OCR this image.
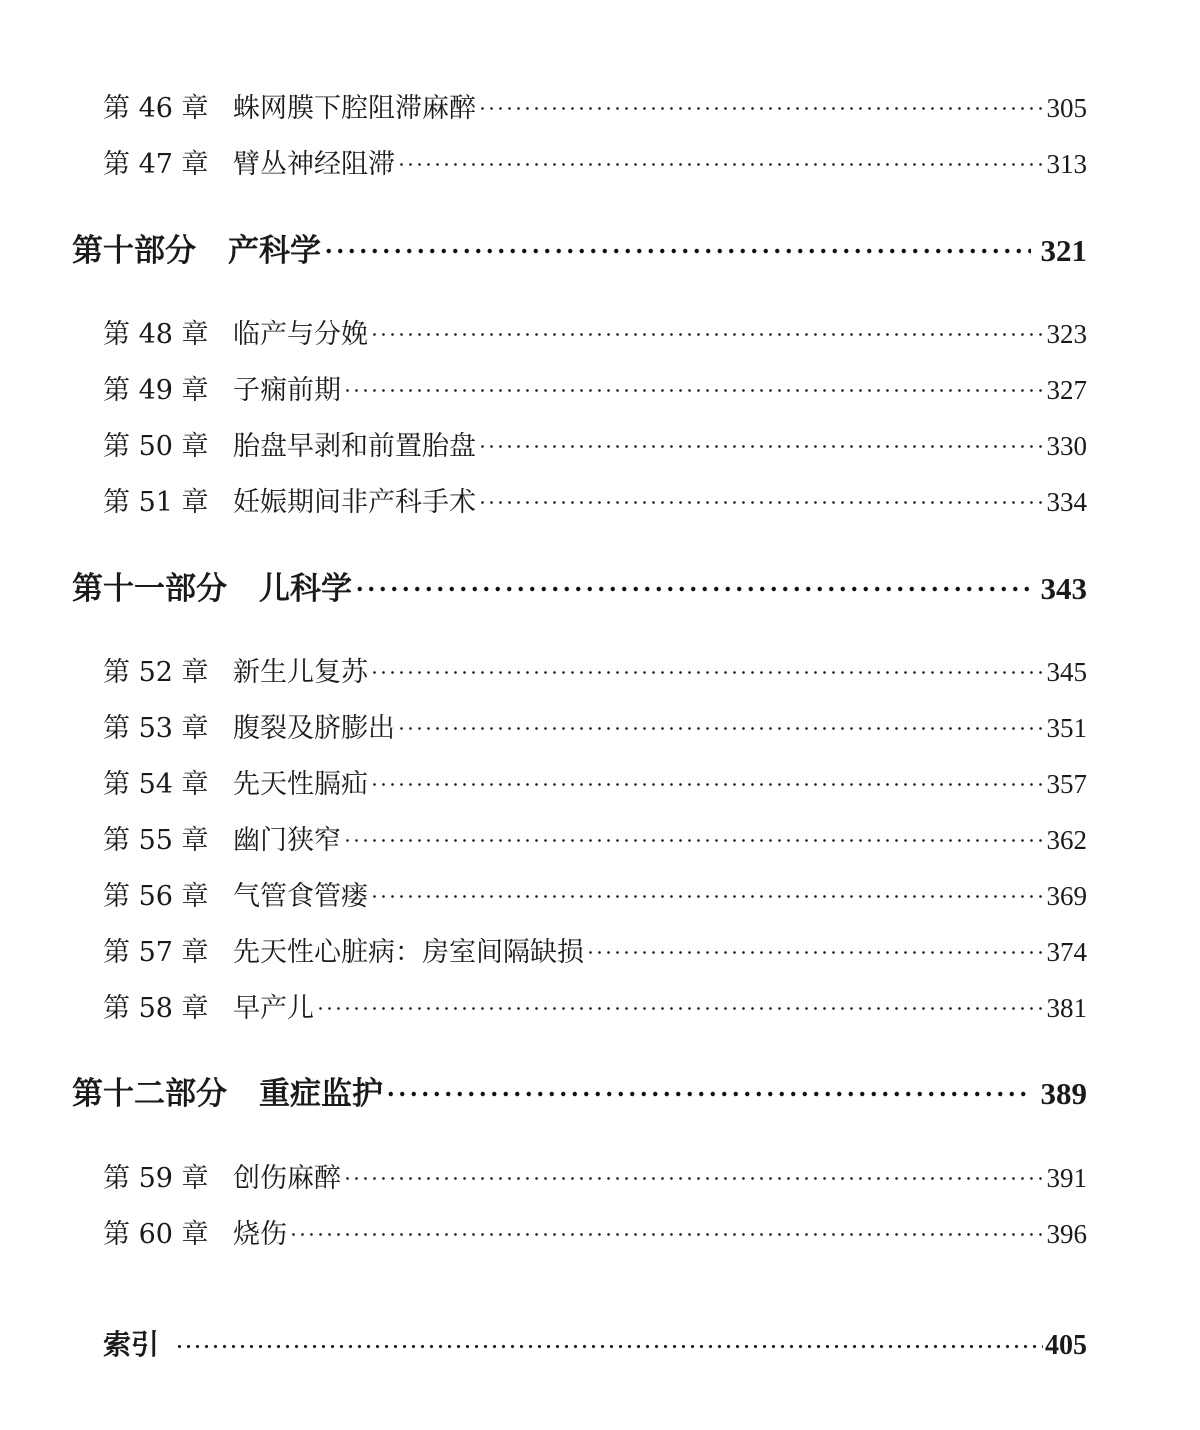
第 46 章 蛛网膜下腔阻滞麻醉	305
第 47 章 臂丛神经阻滞	313
第十部分 产科学	321
第 48 章 临产与分娩	323
第 49 章 子痫前期	327
第 50 章 胎盘早剥和前置胎盘	330
第 51 章 妊娠期间非产科手术	334
第十一部分 儿科学	343
第 52 章 新生儿复苏	345
第 53 章 腹裂及脐膨出	351
第 54 章 先天性膈疝	357
第 55 章 幽门狭窄	362
第 56 章 气管食管瘘	369
第 57 章 先天性心脏病：房室间隔缺损	374
第 58 章 早产儿	381
第十二部分 重症监护	389
第 59 章 创伤麻醉	391
第 60 章 烧伤	396
索引	405
